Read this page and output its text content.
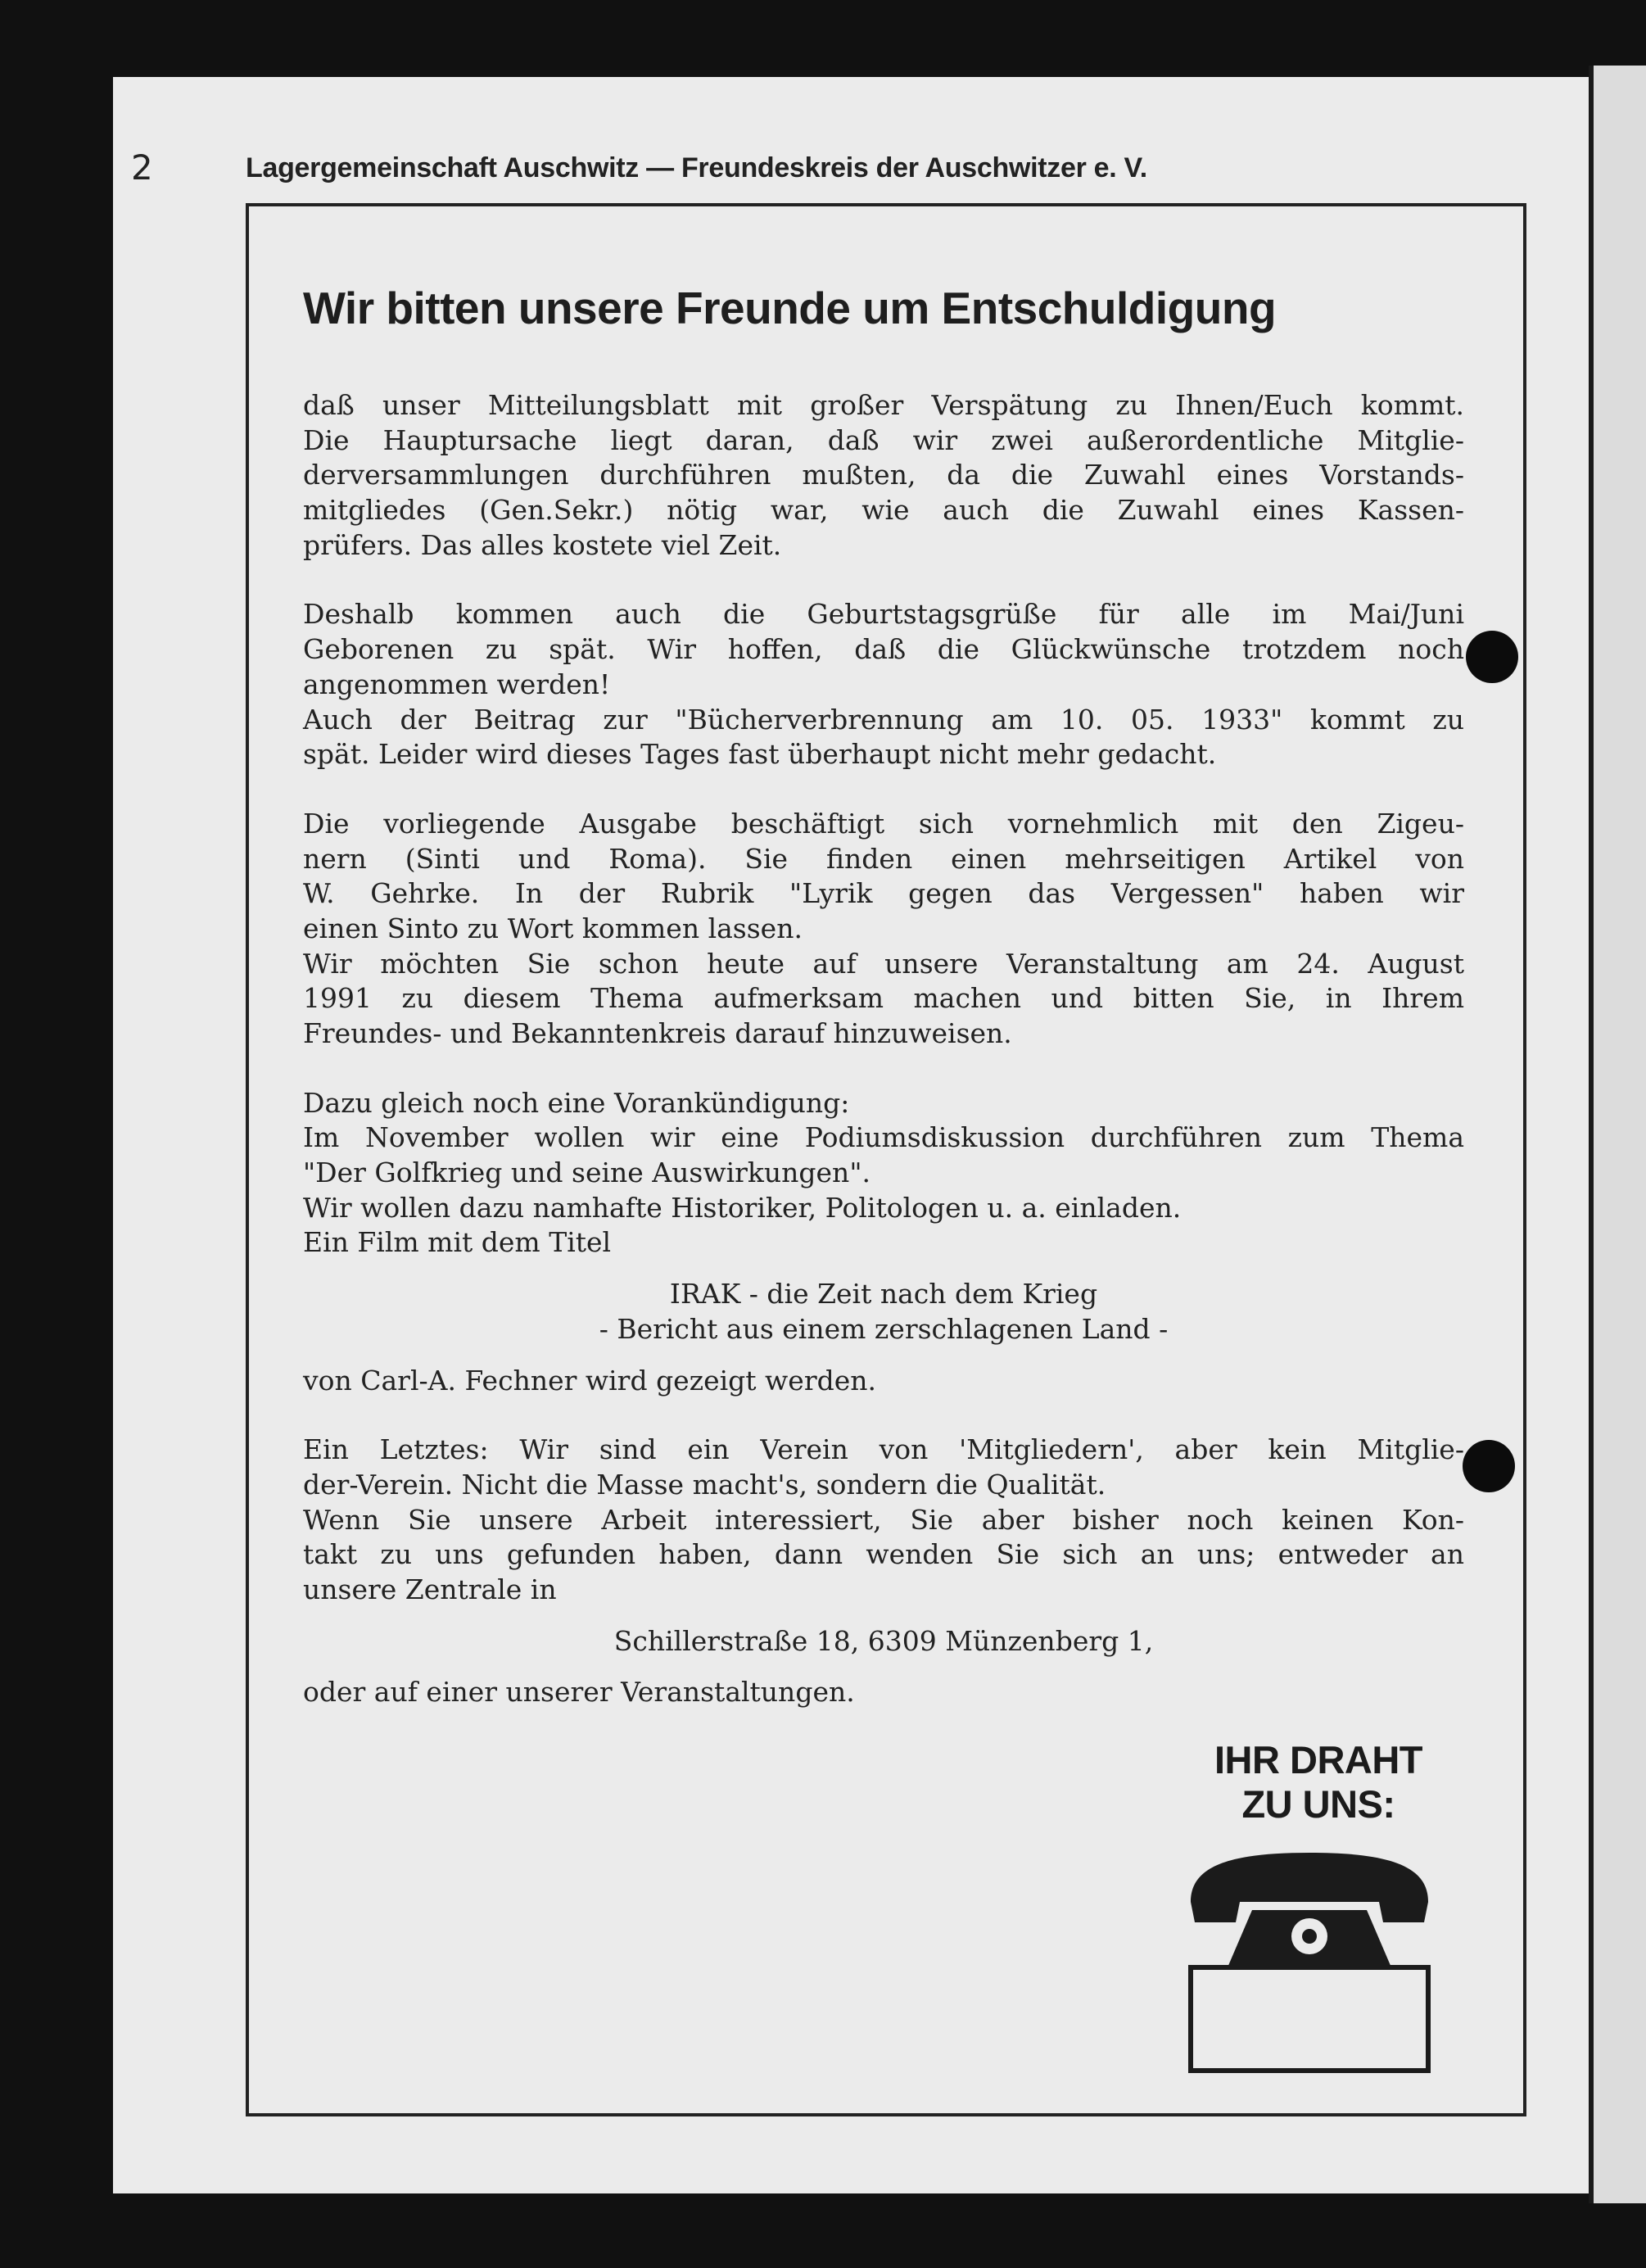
2	Lagergemeinschaft Auschwitz — Freundeskreis der Auschwitzer e. V.
Wir bitten unsere Freunde um Entschuldigung
daß unser Mitteilungsblatt mit großer Verspätung zu Ihnen/Euch kommt.
Die Hauptursache liegt daran, daß wir zwei außerordentliche Mitglie-
derversammlungen durchführen mußten, da die Zuwahl eines Vorstands-
mitgliedes (Gen.Sekr.) nötig war, wie auch die Zuwahl eines Kassen-
prüfers. Das alles kostete viel Zeit.
Deshalb kommen auch die Geburtstagsgrüße für alle im Mai/Juni
Geborenen zu spät. Wir hoffen, daß die Glückwünsche trotzdem noch
angenommen werden!
Auch der Beitrag zur "Bücherverbrennung am 10. 05. 1933" kommt zu
spät. Leider wird dieses Tages fast überhaupt nicht mehr gedacht.
Die vorliegende Ausgabe beschäftigt sich vornehmlich mit den Zigeu-
nern (Sinti und Roma). Sie finden einen mehrseitigen Artikel von
W. Gehrke. In der Rubrik "Lyrik gegen das Vergessen" haben wir
einen Sinto zu Wort kommen lassen.
Wir möchten Sie schon heute auf unsere Veranstaltung am 24. August
1991 zu diesem Thema aufmerksam machen und bitten Sie, in Ihrem
Freundes- und Bekanntenkreis darauf hinzuweisen.
Dazu gleich noch eine Vorankündigung:
Im November wollen wir eine Podiumsdiskussion durchführen zum Thema
"Der Golfkrieg und seine Auswirkungen".
Wir wollen dazu namhafte Historiker, Politologen u. a. einladen.
Ein Film mit dem Titel
IRAK - die Zeit nach dem Krieg
- Bericht aus einem zerschlagenen Land -
von Carl-A. Fechner wird gezeigt werden.
Ein Letztes: Wir sind ein Verein von 'Mitgliedern', aber kein Mitglie-
der-Verein. Nicht die Masse macht's, sondern die Qualität.
Wenn Sie unsere Arbeit interessiert, Sie aber bisher noch keinen Kon-
takt zu uns gefunden haben, dann wenden Sie sich an uns; entweder an
unsere Zentrale in
Schillerstraße 18, 6309 Münzenberg 1,
oder auf einer unserer Veranstaltungen.
IHR DRAHT
ZU UNS:
